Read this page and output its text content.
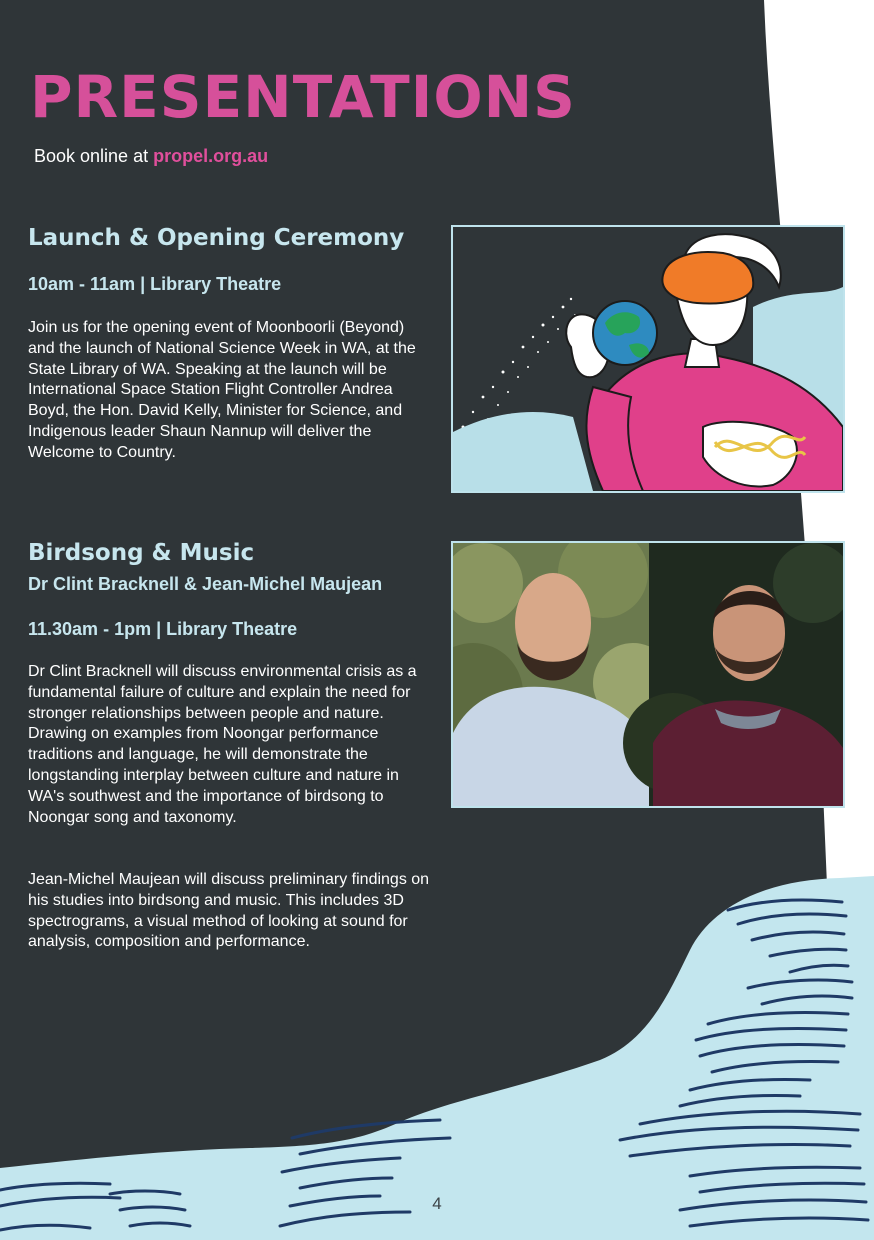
PRESENTATIONS
Book online at propel.org.au
Launch & Opening Ceremony

10am - 11am | Library Theatre

Join us for the opening event of Moonboorli (Beyond) and the launch of National Science Week in WA, at the State Library of WA. Speaking at the launch will be International Space Station Flight Controller Andrea Boyd, the Hon. David Kelly, Minister for Science, and Indigenous leader Shaun Nannup will deliver the Welcome to Country.

Birdsong & Music

Dr Clint Bracknell & Jean-Michel Maujean

11.30am - 1pm | Library Theatre

Dr Clint Bracknell will discuss environmental crisis as a fundamental failure of culture and explain the need for stronger relationships between people and nature. Drawing on examples from Noongar performance traditions and language, he will demonstrate the longstanding interplay between culture and nature in WA's southwest and the importance of birdsong to Noongar song and taxonomy.

Jean-Michel Maujean will discuss preliminary findings on his studies into birdsong and music. This includes 3D spectrograms, a visual method of looking at sound for analysis, composition and performance.

4
